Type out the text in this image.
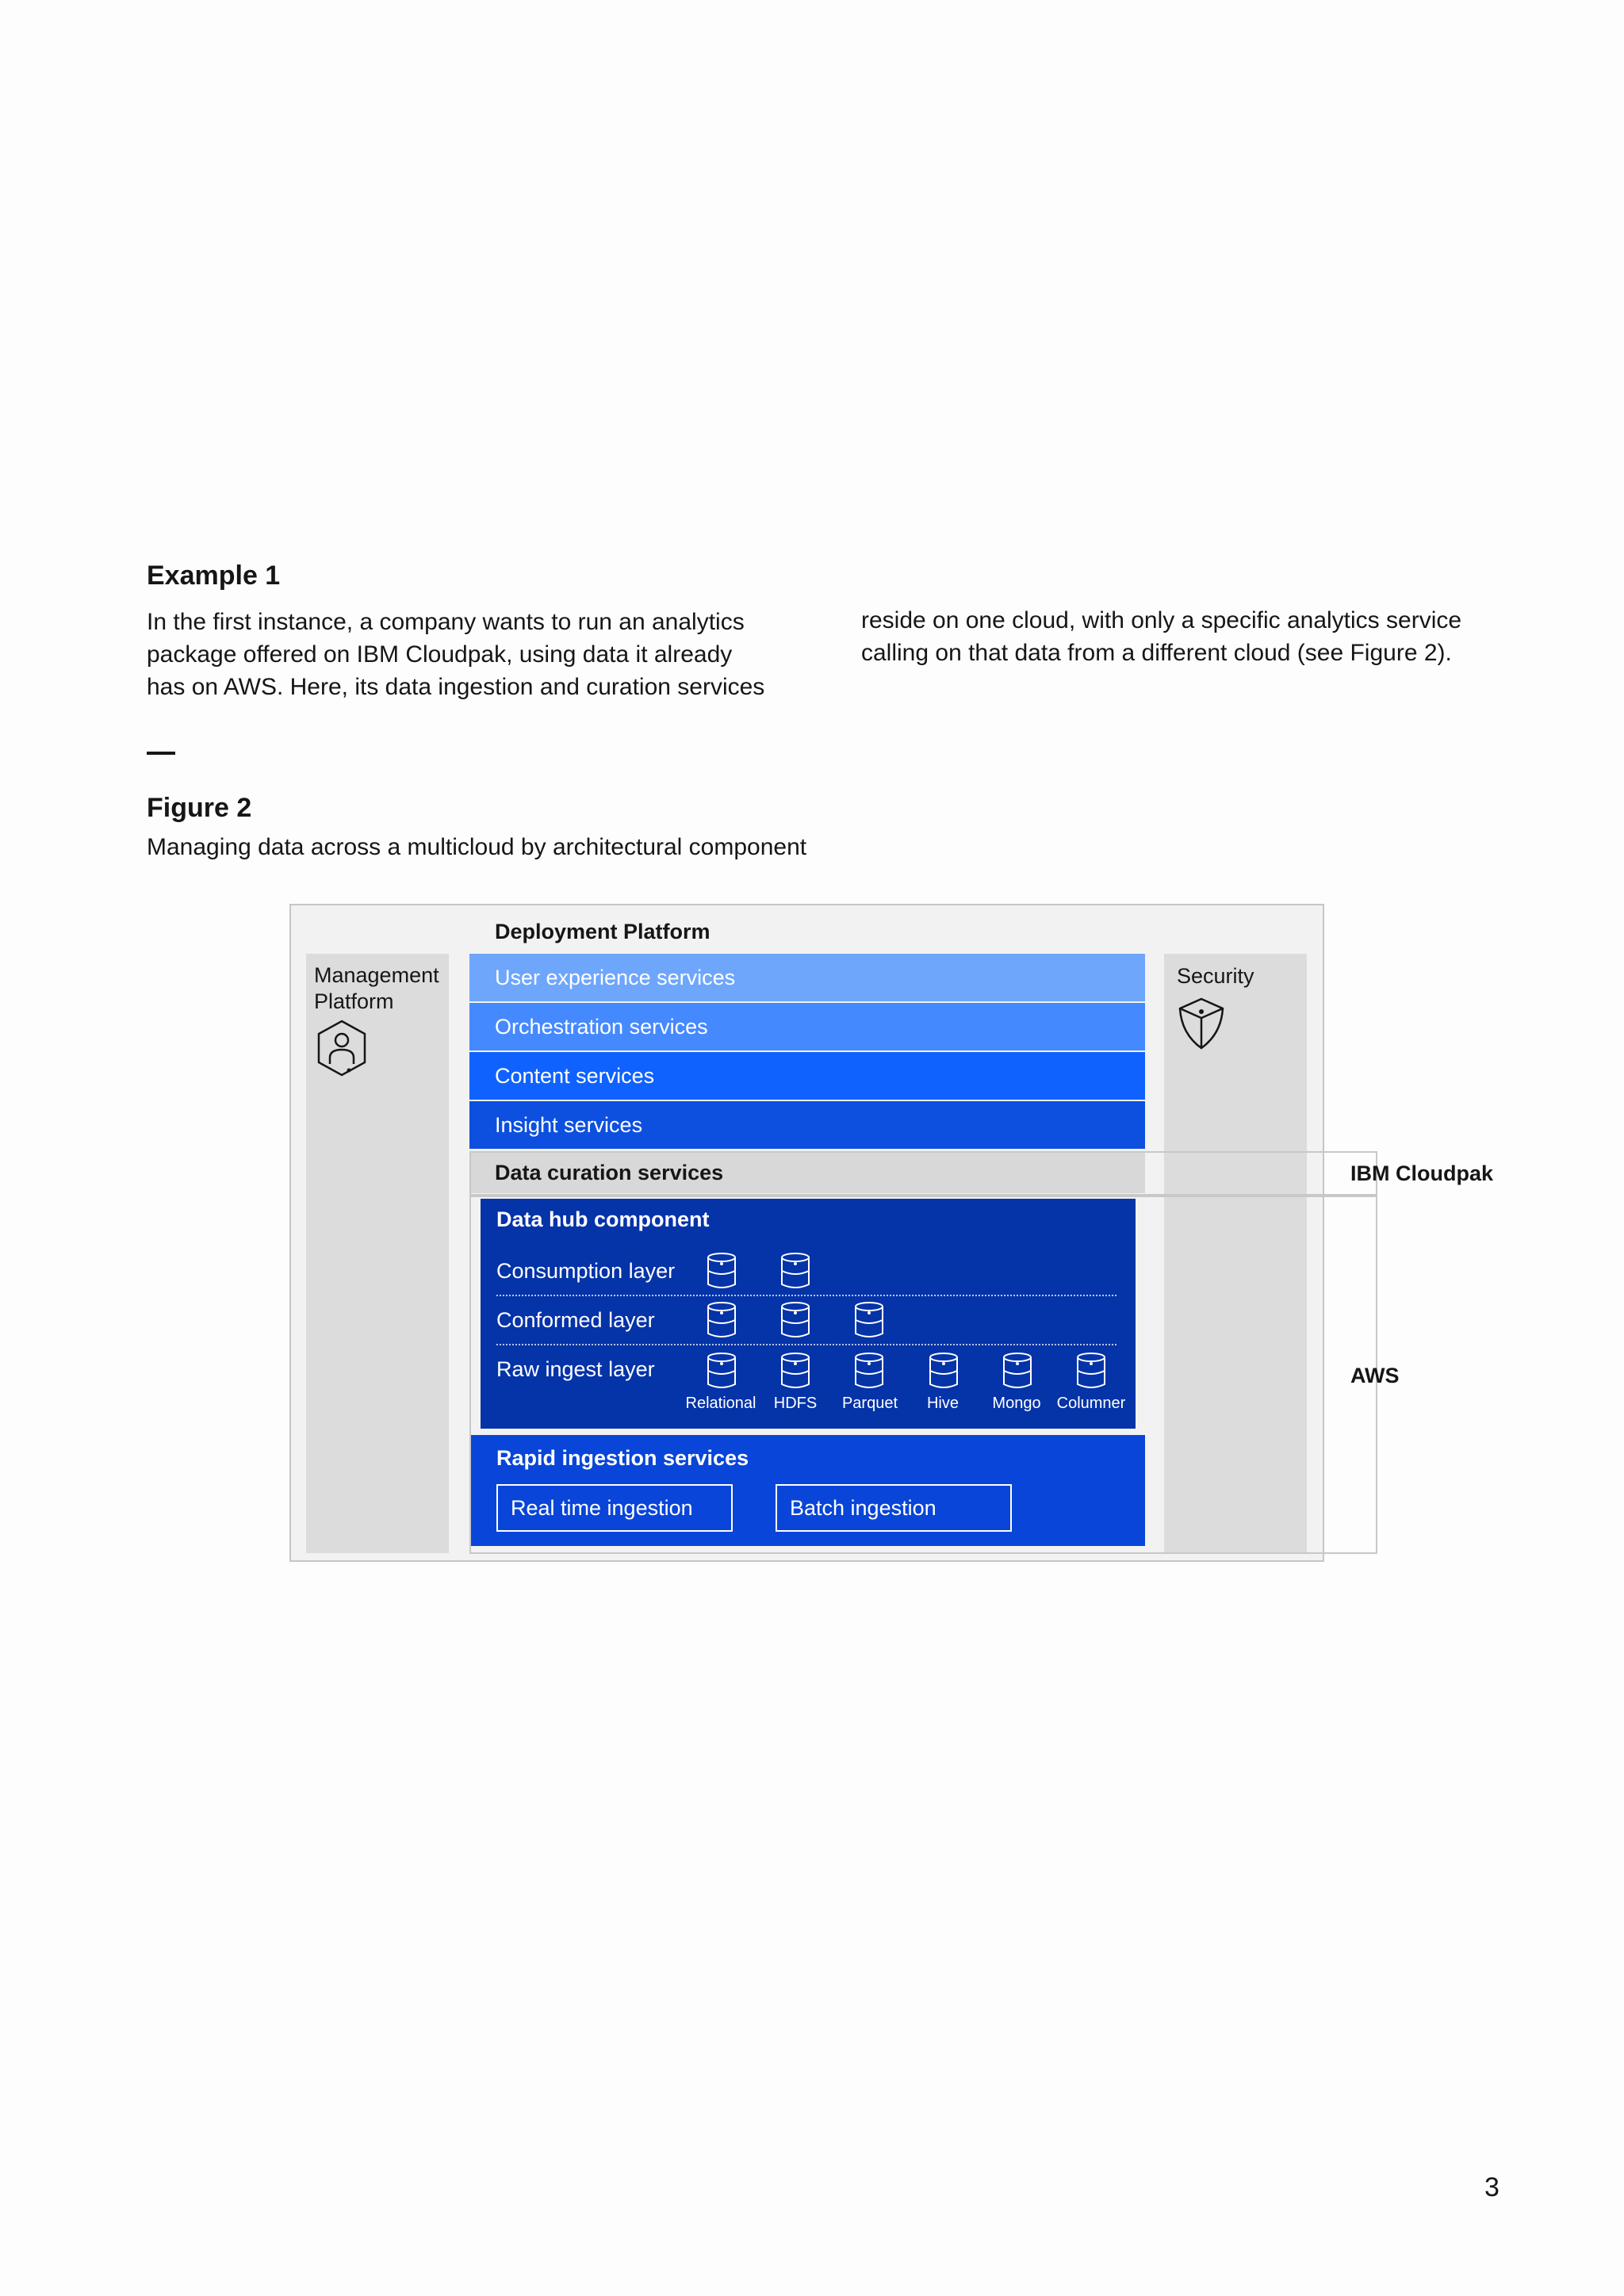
Example 1
In the first instance, a company wants to run an analytics
package offered on IBM Cloudpak, using data it already
has on AWS. Here, its data ingestion and curation services
reside on one cloud, with only a specific analytics service
calling on that data from a different cloud (see Figure 2).
Figure 2
Managing data across a multicloud by architectural component
Management
Platform
Security
Deployment Platform
User experience services
Orchestration services
Content services
Insight services
Data curation services
Data hub component
Consumption layer
Conformed layer
Raw ingest layer
Relational	HDFS	Parquet	Hive	Mongo	Columner
Rapid ingestion services
Real time ingestion	Batch ingestion
IBM Cloudpak
AWS
3
